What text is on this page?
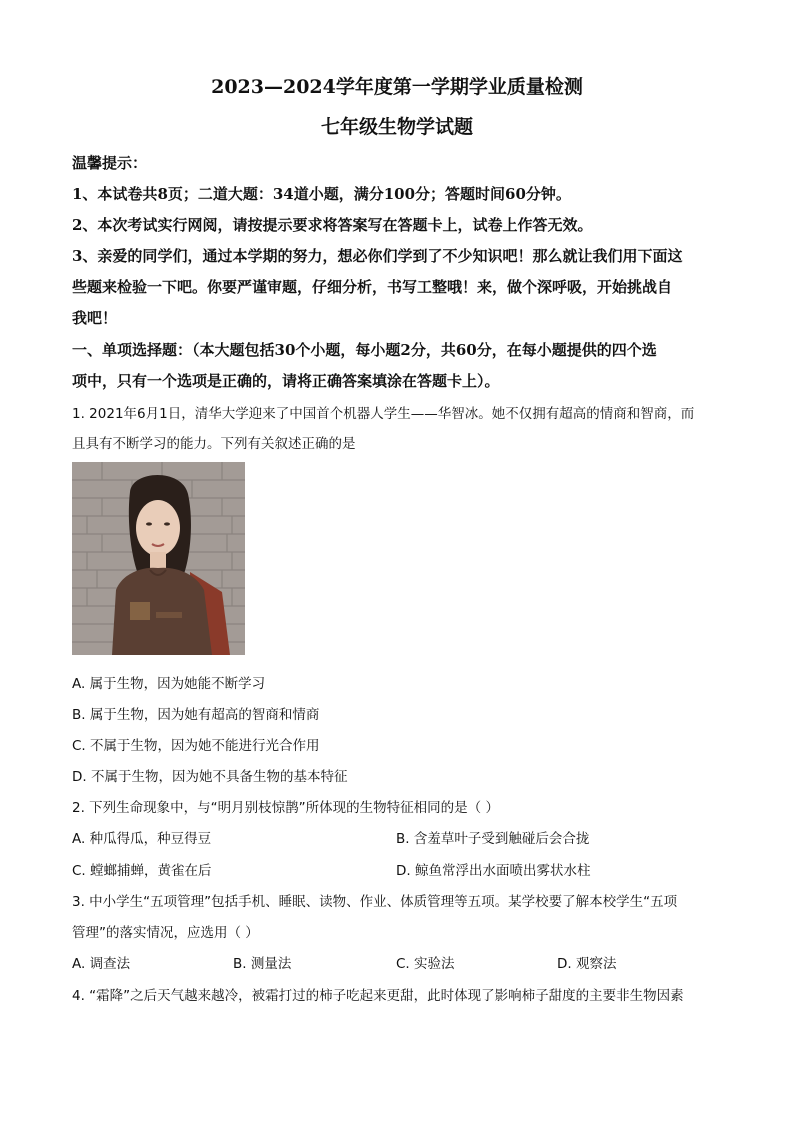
2023—2024学年度第一学期学业质量检测
七年级生物学试题
温馨提示：
1、本试卷共8页；二道大题：34道小题，满分100分；答题时间60分钟。
2、本次考试实行网阅，请按提示要求将答案写在答题卡上，试卷上作答无效。
3、亲爱的同学们，通过本学期的努力，想必你们学到了不少知识吧！那么就让我们用下面这
些题来检验一下吧。你要严谨审题，仔细分析，书写工整哦！来，做个深呼吸，开始挑战自
我吧！
一、单项选择题：（本大题包括30个小题，每小题2分，共60分，在每小题提供的四个选
项中，只有一个选项是正确的，请将正确答案填涂在答题卡上）。
1. 2021年6月1日，清华大学迎来了中国首个机器人学生——华智冰。她不仅拥有超高的情商和智商，而
且具有不断学习的能力。下列有关叙述正确的是
A. 属于生物，因为她能不断学习
B. 属于生物，因为她有超高的智商和情商
C. 不属于生物，因为她不能进行光合作用
D. 不属于生物，因为她不具备生物的基本特征
2. 下列生命现象中，与“明月别枝惊鹊”所体现的生物特征相同的是（ ）
A. 种瓜得瓜，种豆得豆	B. 含羞草叶子受到触碰后会合拢
C. 螳螂捕蝉，黄雀在后	D. 鲸鱼常浮出水面喷出雾状水柱
3. 中小学生“五项管理”包括手机、睡眠、读物、作业、体质管理等五项。某学校要了解本校学生“五项
管理”的落实情况，应选用（ ）
A. 调查法	B. 测量法	C. 实验法	D. 观察法
4. “霜降”之后天气越来越冷，被霜打过的柿子吃起来更甜，此时体现了影响柿子甜度的主要非生物因素
